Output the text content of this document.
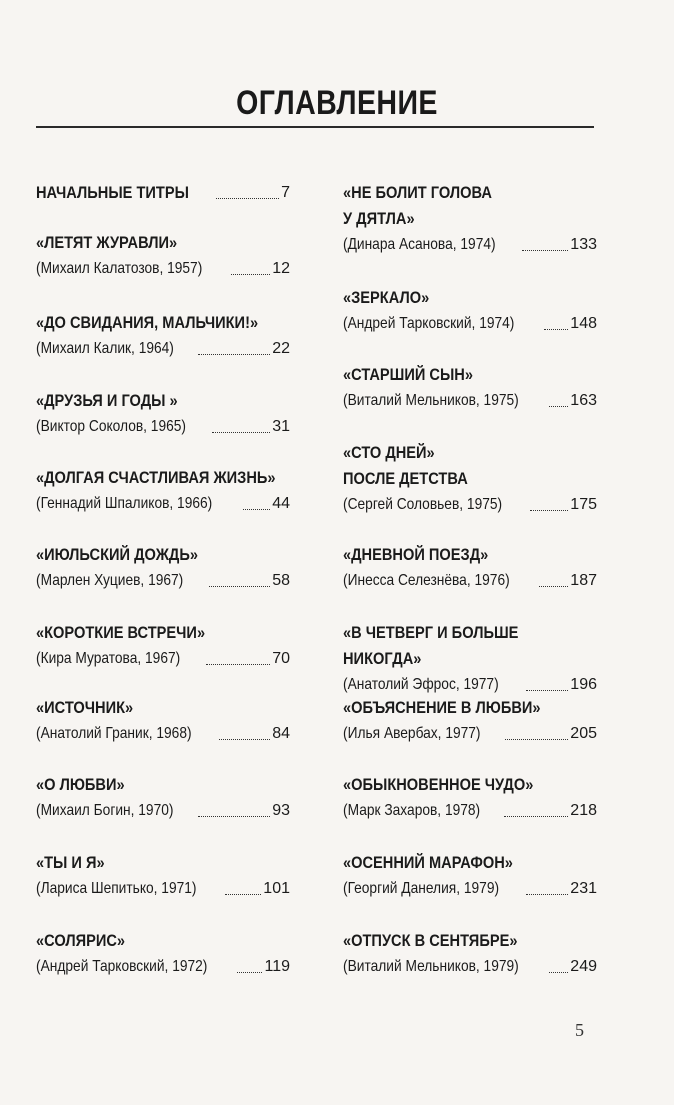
ОГЛАВЛЕНИЕ
НАЧАЛЬНЫЕ ТИТРЫ	7
«ЛЕТЯТ ЖУРАВЛИ»
(Михаил Калатозов, 1957)	12
«ДО СВИДАНИЯ, МАЛЬЧИКИ!»
(Михаил Калик, 1964)	22
«ДРУЗЬЯ И ГОДЫ »
(Виктор Соколов, 1965)	31
«ДОЛГАЯ СЧАСТЛИВАЯ ЖИЗНЬ»
(Геннадий Шпаликов, 1966)	44
«ИЮЛЬСКИЙ ДОЖДЬ»
(Марлен Хуциев, 1967)	58
«КОРОТКИЕ ВСТРЕЧИ»
(Кира Муратова, 1967)	70
«ИСТОЧНИК»
(Анатолий Граник, 1968)	84
«О ЛЮБВИ»
(Михаил Богин, 1970)	93
«ТЫ И Я»
(Лариса Шепитько, 1971)	101
«СОЛЯРИС»
(Андрей Тарковский, 1972)	119
«НЕ БОЛИТ ГОЛОВА
У ДЯТЛА»
(Динара Асанова, 1974)	133
«ЗЕРКАЛО»
(Андрей Тарковский, 1974)	148
«СТАРШИЙ СЫН»
(Виталий Мельников, 1975)	163
«СТО ДНЕЙ»
ПОСЛЕ ДЕТСТВА
(Сергей Соловьев, 1975)	175
«ДНЕВНОЙ ПОЕЗД»
(Инесса Селезнёва, 1976)	187
«В ЧЕТВЕРГ И БОЛЬШЕ НИКОГДА»
(Анатолий Эфрос, 1977)	196
«ОБЪЯСНЕНИЕ В ЛЮБВИ»
(Илья Авербах, 1977)	205
«ОБЫКНОВЕННОЕ ЧУДО»
(Марк Захаров, 1978)	218
«ОСЕННИЙ МАРАФОН»
(Георгий Данелия, 1979)	231
«ОТПУСК В СЕНТЯБРЕ»
(Виталий Мельников, 1979)	249
5
